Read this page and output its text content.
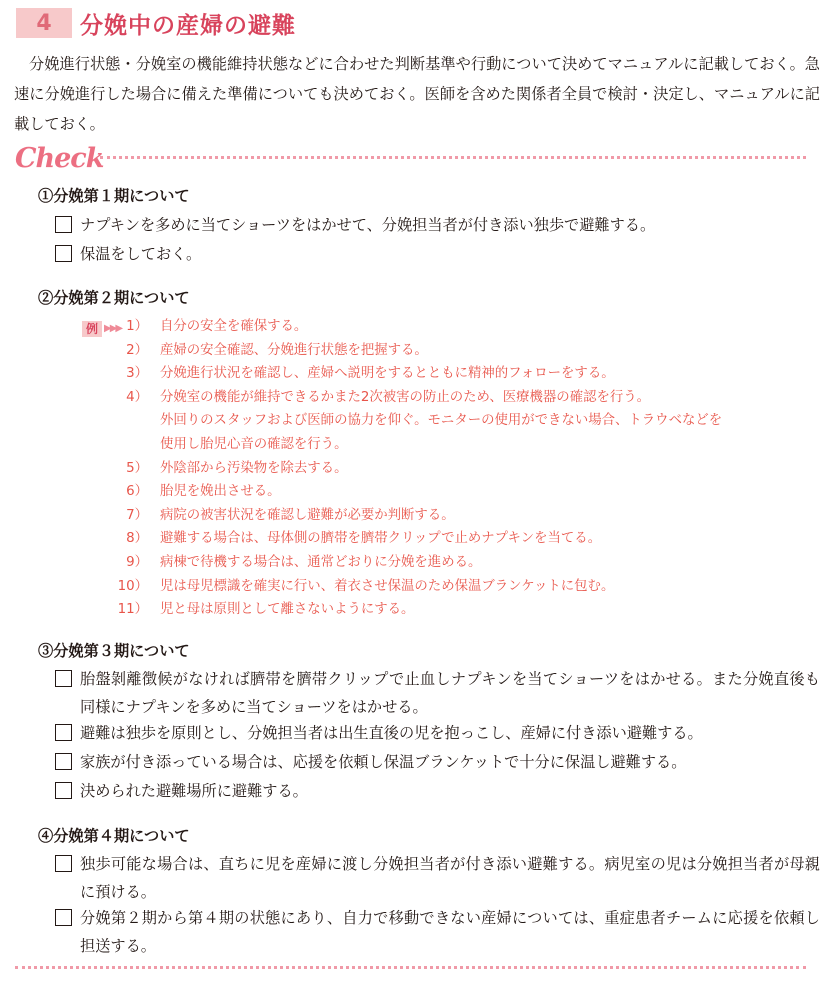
4	分娩中の産婦の避難

分娩進行状態・分娩室の機能維持状態などに合わせた判断基準や行動について決めてマニュアルに記載しておく。急速に分娩進行した場合に備えた準備についても決めておく。医師を含めた関係者全員で検討・決定し、マニュアルに記載しておく。

Check
①分娩第１期について
ナプキンを多めに当てショーツをはかせて、分娩担当者が付き添い独歩で避難する。
保温をしておく。
②分娩第２期について
例 ▶▶▶ 1） 自分の安全を確保する。
2） 産婦の安全確認、分娩進行状態を把握する。
3） 分娩進行状況を確認し、産婦へ説明をするとともに精神的フォローをする。
4） 分娩室の機能が維持できるかまた2次被害の防止のため、医療機器の確認を行う。
外回りのスタッフおよび医師の協力を仰ぐ。モニターの使用ができない場合、トラウベなどを
使用し胎児心音の確認を行う。
5） 外陰部から汚染物を除去する。
6） 胎児を娩出させる。
7） 病院の被害状況を確認し避難が必要か判断する。
8） 避難する場合は、母体側の臍帯を臍帯クリップで止めナプキンを当てる。
9） 病棟で待機する場合は、通常どおりに分娩を進める。
10） 児は母児標識を確実に行い、着衣させ保温のため保温ブランケットに包む。
11） 児と母は原則として離さないようにする。
③分娩第３期について
胎盤剝離徴候がなければ臍帯を臍帯クリップで止血しナプキンを当てショーツをはかせる。また分娩直後も同様にナプキンを多めに当てショーツをはかせる。
避難は独歩を原則とし、分娩担当者は出生直後の児を抱っこし、産婦に付き添い避難する。
家族が付き添っている場合は、応援を依頼し保温ブランケットで十分に保温し避難する。
決められた避難場所に避難する。
④分娩第４期について
独歩可能な場合は、直ちに児を産婦に渡し分娩担当者が付き添い避難する。病児室の児は分娩担当者が母親に預ける。
分娩第２期から第４期の状態にあり、自力で移動できない産婦については、重症患者チームに応援を依頼し担送する。
